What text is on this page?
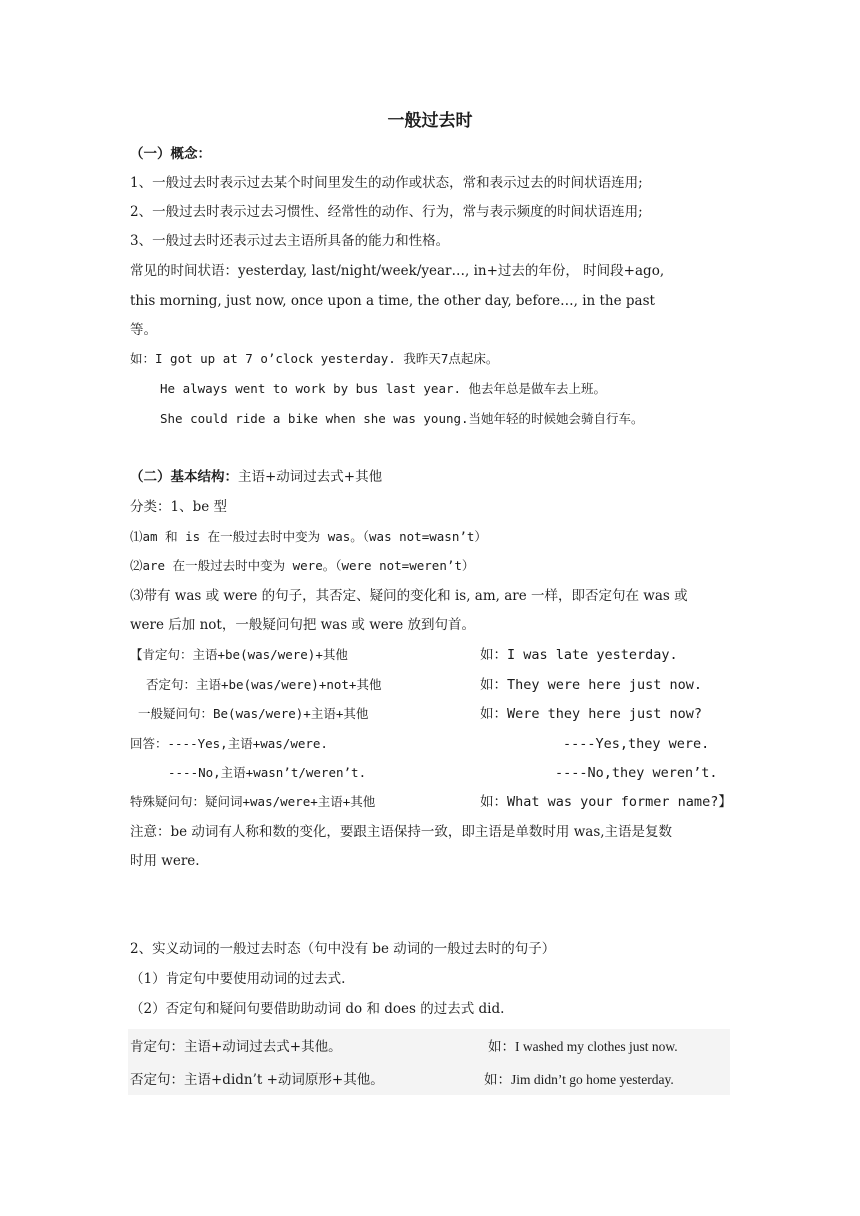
一般过去时
（一）概念：
1、一般过去时表示过去某个时间里发生的动作或状态，常和表示过去的时间状语连用;
2、一般过去时表示过去习惯性、经常性的动作、行为，常与表示频度的时间状语连用;
3、一般过去时还表示过去主语所具备的能力和性格。
常见的时间状语：yesterday, last/night/week/year…, in+过去的年份， 时间段+ago,
this morning, just now, once upon a time, the other day, before…, in the past
等。
如：I got up at 7 o’clock yesterday. 我昨天7点起床。
He always went to work by bus last year. 他去年总是做车去上班。
She could ride a bike when she was young.当她年轻的时候她会骑自行车。
（二）基本结构：主语+动词过去式+其他
分类：1、be 型
⑴am 和 is 在一般过去时中变为 was。（was not=wasn’t）
⑵are 在一般过去时中变为 were。（were not=weren’t）
⑶带有 was 或 were 的句子，其否定、疑问的变化和 is, am, are 一样，即否定句在 was 或
were 后加 not，一般疑问句把 was 或 were 放到句首。
【肯定句：主语+be(was/were)+其他	如：I was late yesterday.
否定句：主语+be(was/were)+not+其他	如：They were here just now.
一般疑问句：Be(was/were)+主语+其他	如：Were they here just now?
回答：----Yes,主语+was/were.	----Yes,they were.
----No,主语+wasn’t/weren’t.	----No,they weren’t.
特殊疑问句：疑问词+was/were+主语+其他	如：What was your former name?】
注意：be 动词有人称和数的变化，要跟主语保持一致，即主语是单数时用 was,主语是复数
时用 were.
2、实义动词的一般过去时态（句中没有 be 动词的一般过去时的句子）
（1）肯定句中要使用动词的过去式.
（2）否定句和疑问句要借助助动词 do 和 does 的过去式 did.
肯定句：主语+动词过去式+其他。	如：I washed my clothes just now.
否定句：主语+didn’t +动词原形+其他。	如：Jim didn’t go home yesterday.
